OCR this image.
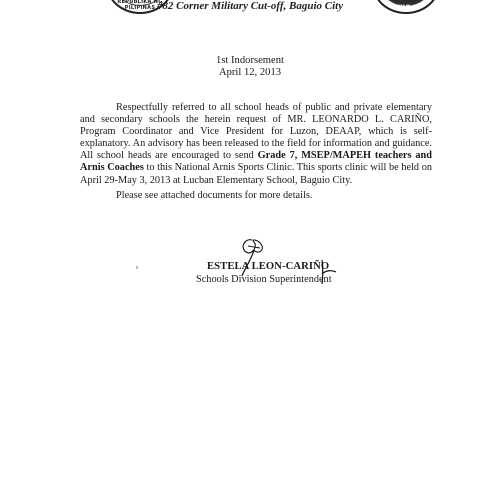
REPUBLIKA NG PILIPINAS #82 Corner Military Cut-off, Baguio City	BAGUIO CITY
1st Indorsement
April 12, 2013

Respectfully referred to all school heads of public and private elementary and secondary schools the herein request of MR. LEONARDO L. CARIÑO, Program Coordinator and Vice President for Luzon, DEAAP, which is self-explanatory. An advisory has been released to the field for information and guidance. All school heads are encouraged to send Grade 7, MSEP/MAPEH teachers and Arnis Coaches to this National Arnis Sports Clinic. This sports clinic will be held on April 29-May 3, 2013 at Lucban Elementary School, Baguio City.

Please see attached documents for more details.

ESTELA LEON-CARIÑO
Schools Division Superintendent
